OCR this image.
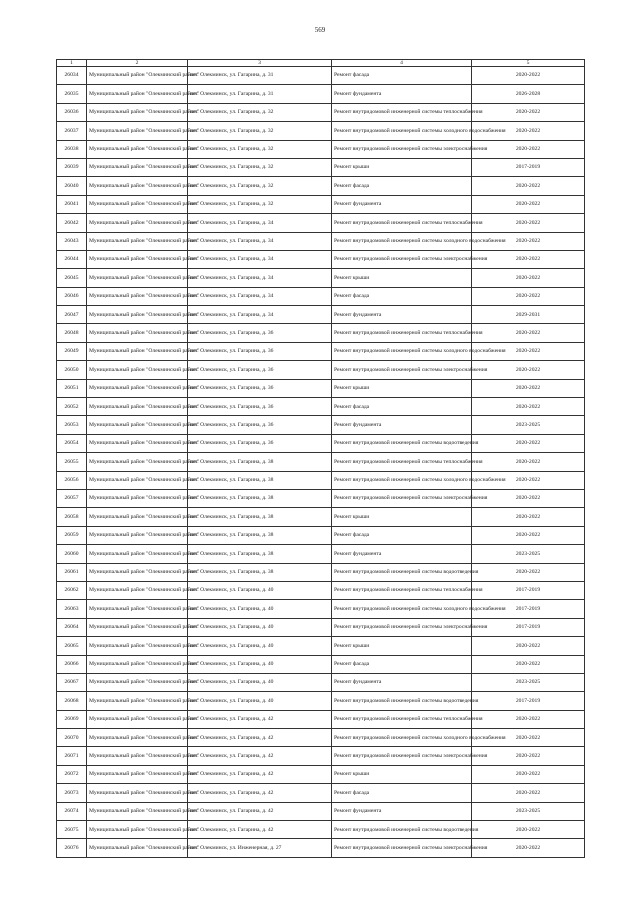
569
1	2	3	4	5
26034	Муниципальный район "Олекминский район"	пгт. Олекминск, ул. Гагарина, д. 31	Ремонт фасада	2020-2022
26035	Муниципальный район "Олекминский район"	пгт. Олекминск, ул. Гагарина, д. 31	Ремонт фундамента	2026-2028
26036	Муниципальный район "Олекминский район"	пгт. Олекминск, ул. Гагарина, д. 32	Ремонт внутридомовой инженерной системы теплоснабжения	2020-2022
26037	Муниципальный район "Олекминский район"	пгт. Олекминск, ул. Гагарина, д. 32	Ремонт внутридомовой инженерной системы холодного водоснабжения	2020-2022
26038	Муниципальный район "Олекминский район"	пгт. Олекминск, ул. Гагарина, д. 32	Ремонт внутридомовой инженерной системы электроснабжения	2020-2022
26039	Муниципальный район "Олекминский район"	пгт. Олекминск, ул. Гагарина, д. 32	Ремонт крыши	2017-2019
26040	Муниципальный район "Олекминский район"	пгт. Олекминск, ул. Гагарина, д. 32	Ремонт фасада	2020-2022
26041	Муниципальный район "Олекминский район"	пгт. Олекминск, ул. Гагарина, д. 32	Ремонт фундамента	2020-2022
26042	Муниципальный район "Олекминский район"	пгт. Олекминск, ул. Гагарина, д. 34	Ремонт внутридомовой инженерной системы теплоснабжения	2020-2022
26043	Муниципальный район "Олекминский район"	пгт. Олекминск, ул. Гагарина, д. 34	Ремонт внутридомовой инженерной системы холодного водоснабжения	2020-2022
26044	Муниципальный район "Олекминский район"	пгт. Олекминск, ул. Гагарина, д. 34	Ремонт внутридомовой инженерной системы электроснабжения	2020-2022
26045	Муниципальный район "Олекминский район"	пгт. Олекминск, ул. Гагарина, д. 34	Ремонт крыши	2020-2022
26046	Муниципальный район "Олекминский район"	пгт. Олекминск, ул. Гагарина, д. 34	Ремонт фасада	2020-2022
26047	Муниципальный район "Олекминский район"	пгт. Олекминск, ул. Гагарина, д. 34	Ремонт фундамента	2029-2031
26048	Муниципальный район "Олекминский район"	пгт. Олекминск, ул. Гагарина, д. 36	Ремонт внутридомовой инженерной системы теплоснабжения	2020-2022
26049	Муниципальный район "Олекминский район"	пгт. Олекминск, ул. Гагарина, д. 36	Ремонт внутридомовой инженерной системы холодного водоснабжения	2020-2022
26050	Муниципальный район "Олекминский район"	пгт. Олекминск, ул. Гагарина, д. 36	Ремонт внутридомовой инженерной системы электроснабжения	2020-2022
26051	Муниципальный район "Олекминский район"	пгт. Олекминск, ул. Гагарина, д. 36	Ремонт крыши	2020-2022
26052	Муниципальный район "Олекминский район"	пгт. Олекминск, ул. Гагарина, д. 36	Ремонт фасада	2020-2022
26053	Муниципальный район "Олекминский район"	пгт. Олекминск, ул. Гагарина, д. 36	Ремонт фундамента	2023-2025
26054	Муниципальный район "Олекминский район"	пгт. Олекминск, ул. Гагарина, д. 36	Ремонт внутридомовой инженерной системы водоотведения	2020-2022
26055	Муниципальный район "Олекминский район"	пгт. Олекминск, ул. Гагарина, д. 38	Ремонт внутридомовой инженерной системы теплоснабжения	2020-2022
26056	Муниципальный район "Олекминский район"	пгт. Олекминск, ул. Гагарина, д. 38	Ремонт внутридомовой инженерной системы холодного водоснабжения	2020-2022
26057	Муниципальный район "Олекминский район"	пгт. Олекминск, ул. Гагарина, д. 38	Ремонт внутридомовой инженерной системы электроснабжения	2020-2022
26058	Муниципальный район "Олекминский район"	пгт. Олекминск, ул. Гагарина, д. 38	Ремонт крыши	2020-2022
26059	Муниципальный район "Олекминский район"	пгт. Олекминск, ул. Гагарина, д. 38	Ремонт фасада	2020-2022
26060	Муниципальный район "Олекминский район"	пгт. Олекминск, ул. Гагарина, д. 38	Ремонт фундамента	2023-2025
26061	Муниципальный район "Олекминский район"	пгт. Олекминск, ул. Гагарина, д. 38	Ремонт внутридомовой инженерной системы водоотведения	2020-2022
26062	Муниципальный район "Олекминский район"	пгт. Олекминск, ул. Гагарина, д. 40	Ремонт внутридомовой инженерной системы теплоснабжения	2017-2019
26063	Муниципальный район "Олекминский район"	пгт. Олекминск, ул. Гагарина, д. 40	Ремонт внутридомовой инженерной системы холодного водоснабжения	2017-2019
26064	Муниципальный район "Олекминский район"	пгт. Олекминск, ул. Гагарина, д. 40	Ремонт внутридомовой инженерной системы электроснабжения	2017-2019
26065	Муниципальный район "Олекминский район"	пгт. Олекминск, ул. Гагарина, д. 40	Ремонт крыши	2020-2022
26066	Муниципальный район "Олекминский район"	пгт. Олекминск, ул. Гагарина, д. 40	Ремонт фасада	2020-2022
26067	Муниципальный район "Олекминский район"	пгт. Олекминск, ул. Гагарина, д. 40	Ремонт фундамента	2023-2025
26068	Муниципальный район "Олекминский район"	пгт. Олекминск, ул. Гагарина, д. 40	Ремонт внутридомовой инженерной системы водоотведения	2017-2019
26069	Муниципальный район "Олекминский район"	пгт. Олекминск, ул. Гагарина, д. 42	Ремонт внутридомовой инженерной системы теплоснабжения	2020-2022
26070	Муниципальный район "Олекминский район"	пгт. Олекминск, ул. Гагарина, д. 42	Ремонт внутридомовой инженерной системы холодного водоснабжения	2020-2022
26071	Муниципальный район "Олекминский район"	пгт. Олекминск, ул. Гагарина, д. 42	Ремонт внутридомовой инженерной системы электроснабжения	2020-2022
26072	Муниципальный район "Олекминский район"	пгт. Олекминск, ул. Гагарина, д. 42	Ремонт крыши	2020-2022
26073	Муниципальный район "Олекминский район"	пгт. Олекминск, ул. Гагарина, д. 42	Ремонт фасада	2020-2022
26074	Муниципальный район "Олекминский район"	пгт. Олекминск, ул. Гагарина, д. 42	Ремонт фундамента	2023-2025
26075	Муниципальный район "Олекминский район"	пгт. Олекминск, ул. Гагарина, д. 42	Ремонт внутридомовой инженерной системы водоотведения	2020-2022
26076	Муниципальный район "Олекминский район"	пгт. Олекминск, ул. Инженерная, д. 27	Ремонт внутридомовой инженерной системы электроснабжения	2020-2022
